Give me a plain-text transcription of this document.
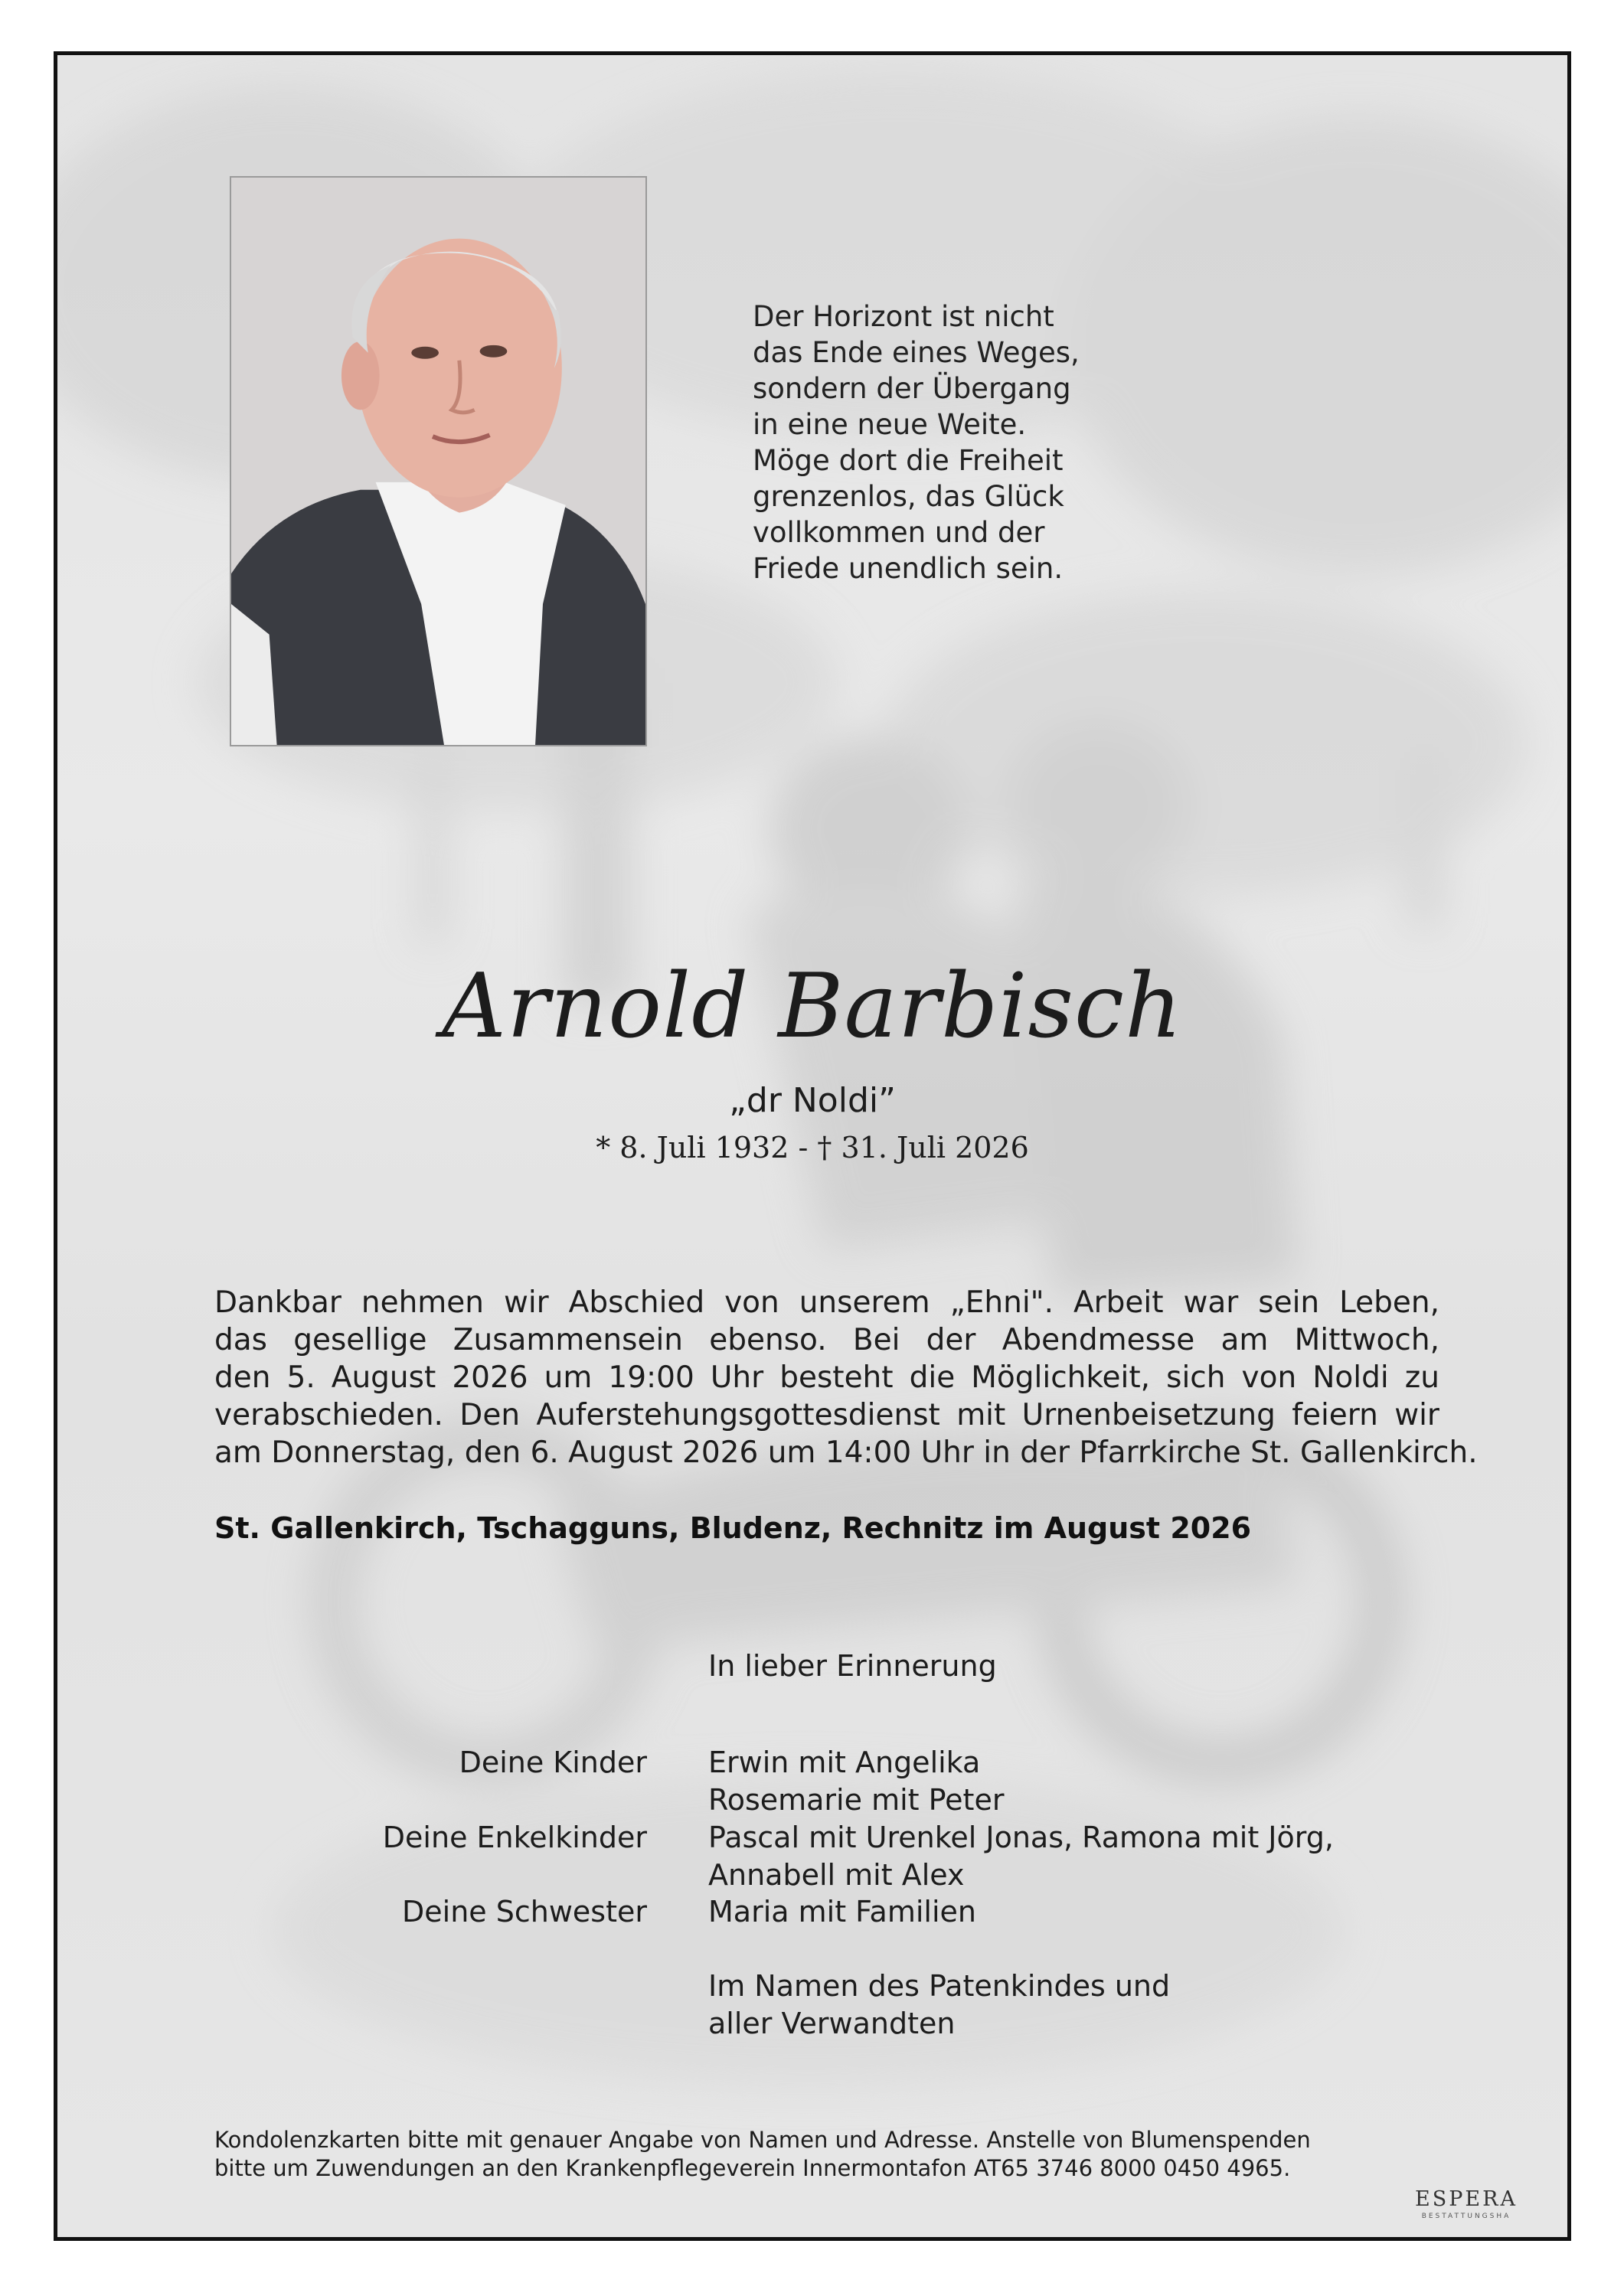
Der Horizont ist nicht
das Ende eines Weges,
sondern der Übergang
in eine neue Weite.
Möge dort die Freiheit
grenzenlos, das Glück
vollkommen und der
Friede unendlich sein.
Arnold Barbisch
„dr Noldi”
* 8. Juli 1932 - † 31. Juli 2026
Dankbar nehmen wir Abschied von unserem „Ehni". Arbeit war sein Leben,
das gesellige Zusammensein ebenso. Bei der Abendmesse am Mittwoch,
den 5. August 2026 um 19:00 Uhr besteht die Möglichkeit, sich von Noldi zu
verabschieden. Den Auferstehungsgottesdienst mit Urnenbeisetzung feiern wir
am Donnerstag, den 6. August 2026 um 14:00 Uhr in der Pfarrkirche St. Gallenkirch.
St. Gallenkirch, Tschagguns, Bludenz, Rechnitz im August 2026
In lieber Erinnerung
Deine Kinder Erwin mit Angelika
Rosemarie mit Peter
Deine Enkelkinder Pascal mit Urenkel Jonas, Ramona mit Jörg,
Annabell mit Alex
Deine Schwester Maria mit Familien
Im Namen des Patenkindes und
aller Verwandten
Kondolenzkarten bitte mit genauer Angabe von Namen und Adresse. Anstelle von Blumenspenden
bitte um Zuwendungen an den Krankenpflegeverein Innermontafon AT65 3746 8000 0450 4965.
ESPERA
BESTATTUNGSHA
